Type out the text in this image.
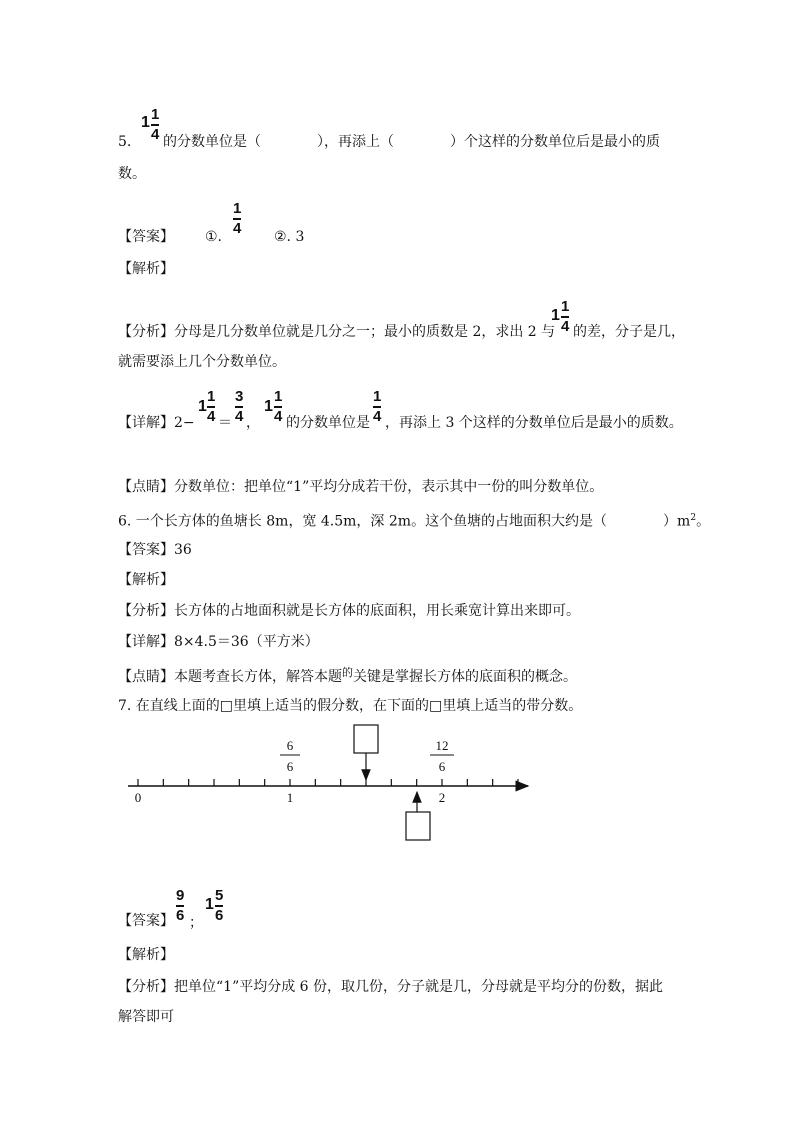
5.
1 1
4 的分数单位是（　　　　），再添上（　　　　）个这样的分数单位后是最小的质
数。
【答案】 ①.
1
4
②. 3
【解析】
【分析】 分母是几分数单位就是几分之一；最小的质数是 2，求出 2 与
1
1
4 的差，分子是几，
就需要添上几个分数单位。
【详解】 2−
1
1
4 ＝
3
4 ，
1
1
4 的分数单位是
1
4 ，再添上 3 个这样的分数单位后是最小的质数。
【点睛】 分数单位：把单位“1”平均分成若干份，表示其中一份的叫分数单位。
6. 一个长方体的鱼塘长 8m，宽 4.5m，深 2m。这个鱼塘的占地面积大约是（　　　　）$m^2$。
【答案】 36
【解析】
【分析】 长方体的占地面积就是长方体的底面积，用长乘宽计算出来即可。
【详解】 8×4.5＝36（平方米）
【点睛】 本题考查长方体，解答本题$^的$关键是掌握长方体的底面积的概念。
7. 在直线上面的□里填上适当的假分数，在下面的□里填上适当的带分数。
0	1	2
6
6
12
6
【答案】
9
6 ；
1
5
6
【解析】
【分析】 把单位“1”平均分成 6 份，取几份，分子就是几，分母就是平均分的份数，据此
解答即可
